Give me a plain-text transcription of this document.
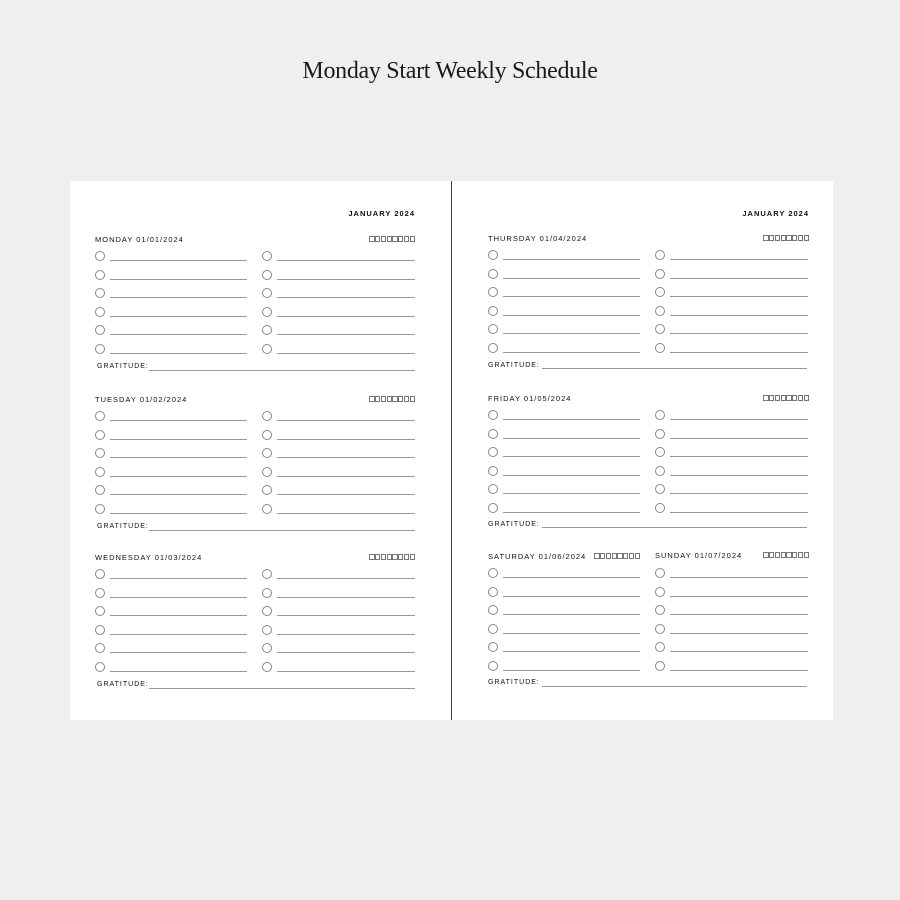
Monday Start Weekly Schedule
JANUARY 2024
MONDAY 01/01/2024
GRATITUDE:
TUESDAY 01/02/2024
GRATITUDE:
WEDNESDAY 01/03/2024
GRATITUDE:
JANUARY 2024
THURSDAY 01/04/2024
GRATITUDE:
FRIDAY 01/05/2024
GRATITUDE:
SATURDAY 01/06/2024	SUNDAY 01/07/2024
GRATITUDE:
